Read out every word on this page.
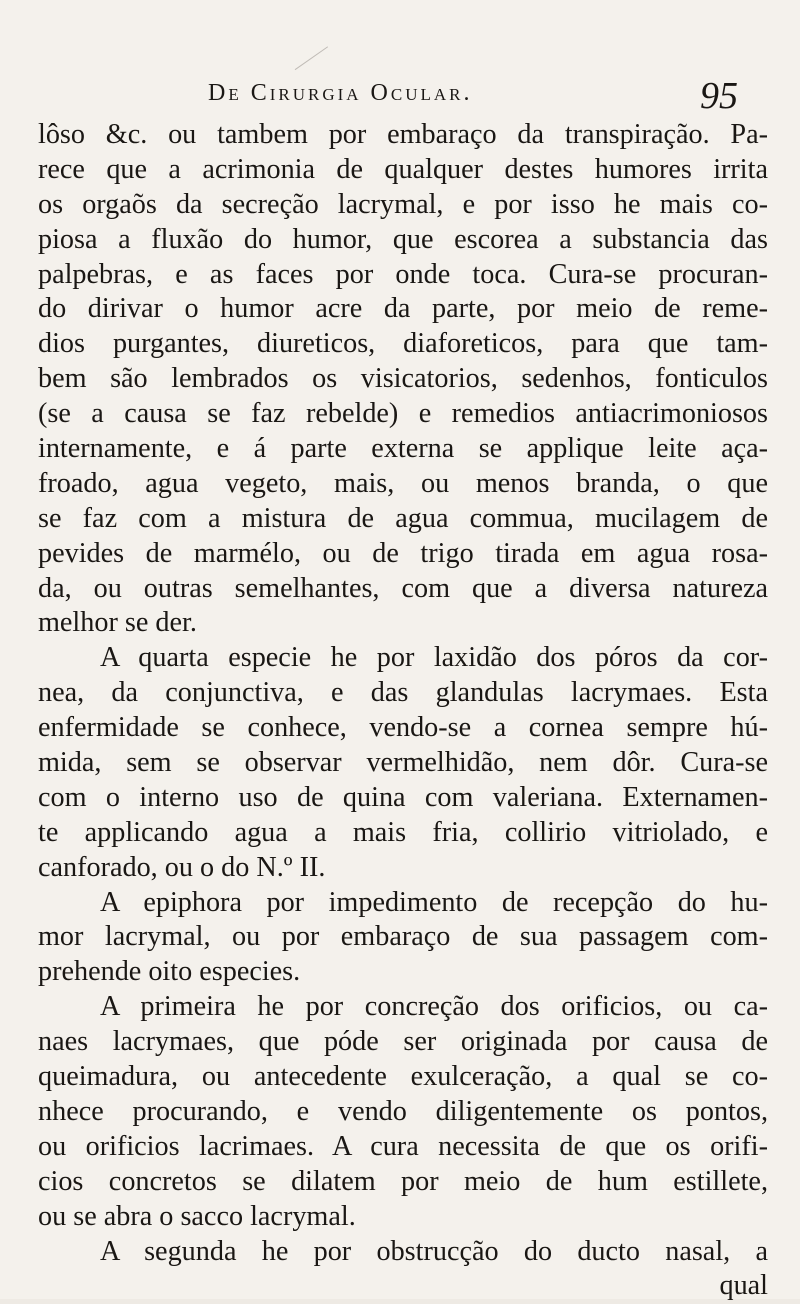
De Cirurgia Ocular.	95
lôso &c. ou tambem por embaraço da transpiração. Pa-
rece que a acrimonia de qualquer destes humores irrita
os orgaõs da secreção lacrymal, e por isso he mais co-
piosa a fluxão do humor, que escorea a substancia das
palpebras, e as faces por onde toca. Cura-se procuran-
do dirivar o humor acre da parte, por meio de reme-
dios purgantes, diureticos, diaforeticos, para que tam-
bem são lembrados os visicatorios, sedenhos, fonticulos
(se a causa se faz rebelde) e remedios antiacrimoniosos
internamente, e á parte externa se applique leite aça-
froado, agua vegeto, mais, ou menos branda, o que
se faz com a mistura de agua commua, mucilagem de
pevides de marmélo, ou de trigo tirada em agua rosa-
da, ou outras semelhantes, com que a diversa natureza
melhor se der.
A quarta especie he por laxidão dos póros da cor-
nea, da conjunctiva, e das glandulas lacrymaes. Esta
enfermidade se conhece, vendo-se a cornea sempre hú-
mida, sem se observar vermelhidão, nem dôr. Cura-se
com o interno uso de quina com valeriana. Externamen-
te applicando agua a mais fria, collirio vitriolado, e
canforado, ou o do N.º II.
A epiphora por impedimento de recepção do hu-
mor lacrymal, ou por embaraço de sua passagem com-
prehende oito especies.
A primeira he por concreção dos orificios, ou ca-
naes lacrymaes, que póde ser originada por causa de
queimadura, ou antecedente exulceração, a qual se co-
nhece procurando, e vendo diligentemente os pontos,
ou orificios lacrimaes. A cura necessita de que os orifi-
cios concretos se dilatem por meio de hum estillete,
ou se abra o sacco lacrymal.
A segunda he por obstrucção do ducto nasal, a
qual
